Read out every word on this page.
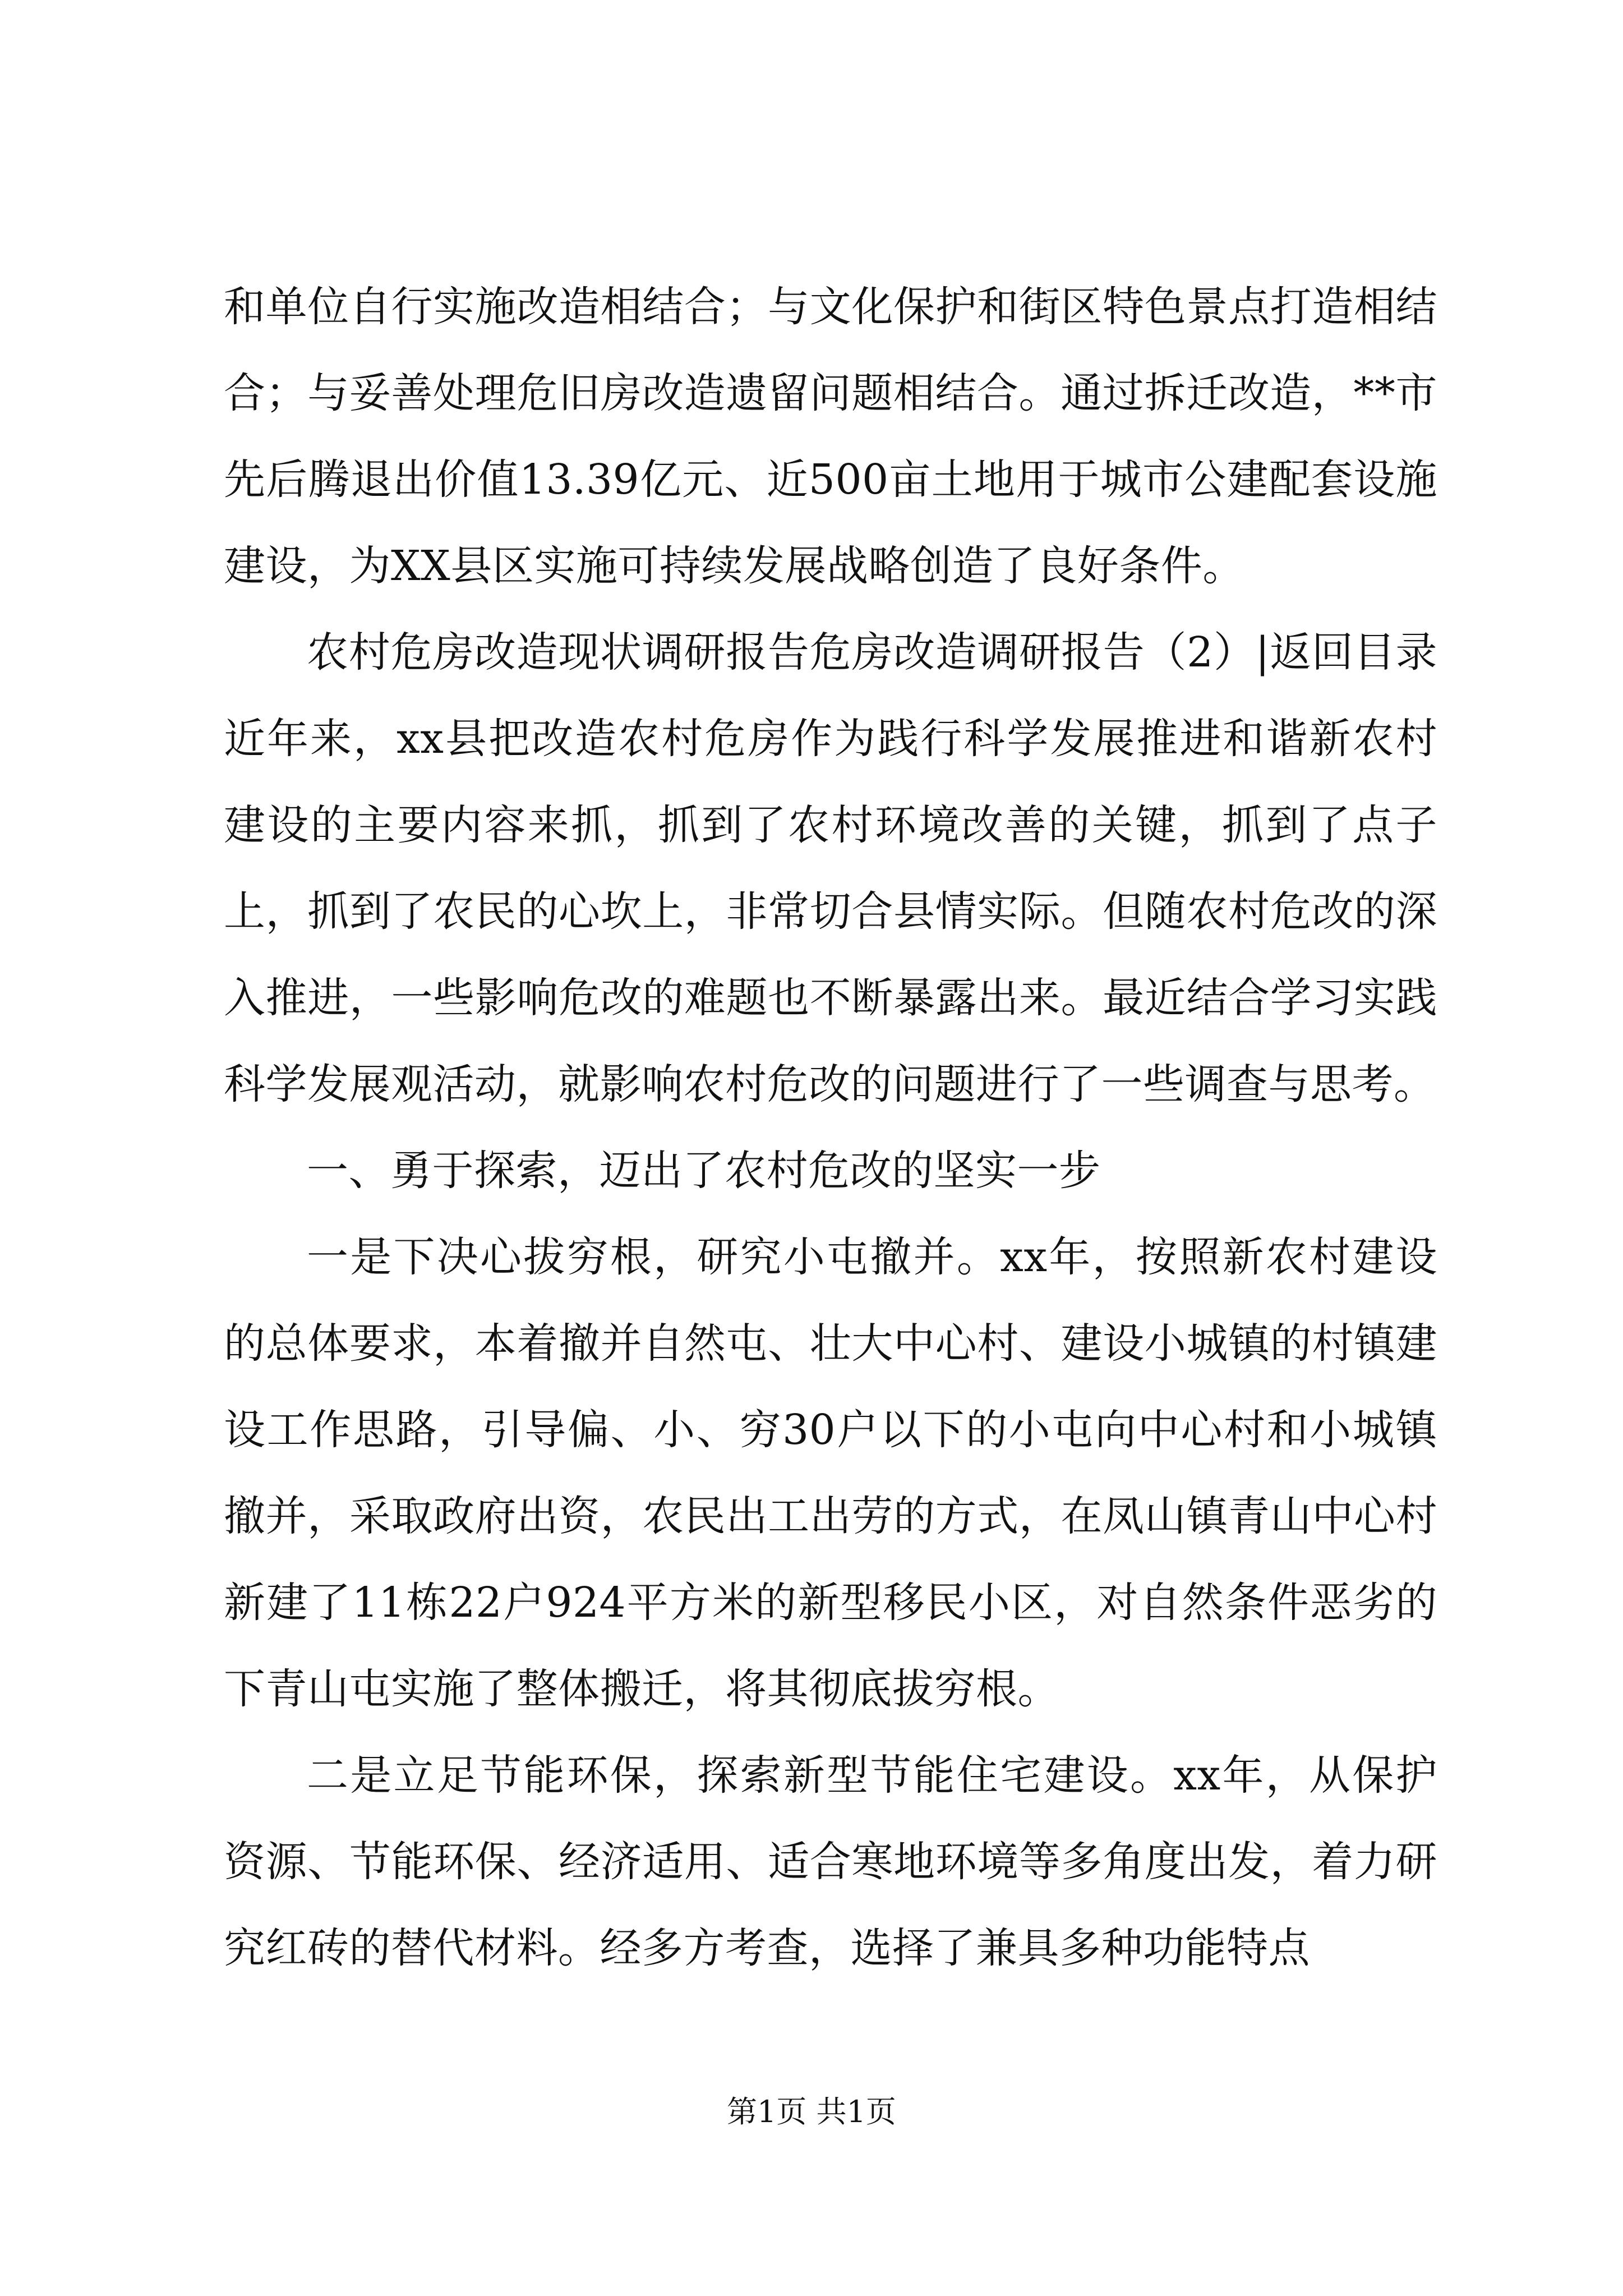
和单位自行实施改造相结合；与文化保护和街区特色景点打造相结合；与妥善处理危旧房改造遗留问题相结合。通过拆迁改造，**市先后腾退出价值13.39亿元、近500亩土地用于城市公建配套设施建设，为XX县区实施可持续发展战略创造了良好条件。

农村危房改造现状调研报告危房改造调研报告（2）|返回目录近年来，xx县把改造农村危房作为践行科学发展推进和谐新农村建设的主要内容来抓，抓到了农村环境改善的关键，抓到了点子上，抓到了农民的心坎上，非常切合县情实际。但随农村危改的深入推进，一些影响危改的难题也不断暴露出来。最近结合学习实践科学发展观活动，就影响农村危改的问题进行了一些调查与思考。

一、勇于探索，迈出了农村危改的坚实一步

一是下决心拔穷根，研究小屯撤并。xx年，按照新农村建设的总体要求，本着撤并自然屯、壮大中心村、建设小城镇的村镇建设工作思路，引导偏、小、穷30户以下的小屯向中心村和小城镇撤并，采取政府出资，农民出工出劳的方式，在凤山镇青山中心村新建了11栋22户924平方米的新型移民小区，对自然条件恶劣的下青山屯实施了整体搬迁，将其彻底拔穷根。

二是立足节能环保，探索新型节能住宅建设。xx年，从保护资源、节能环保、经济适用、适合寒地环境等多角度出发，着力研究红砖的替代材料。经多方考查，选择了兼具多种功能特点

第1页 共1页
